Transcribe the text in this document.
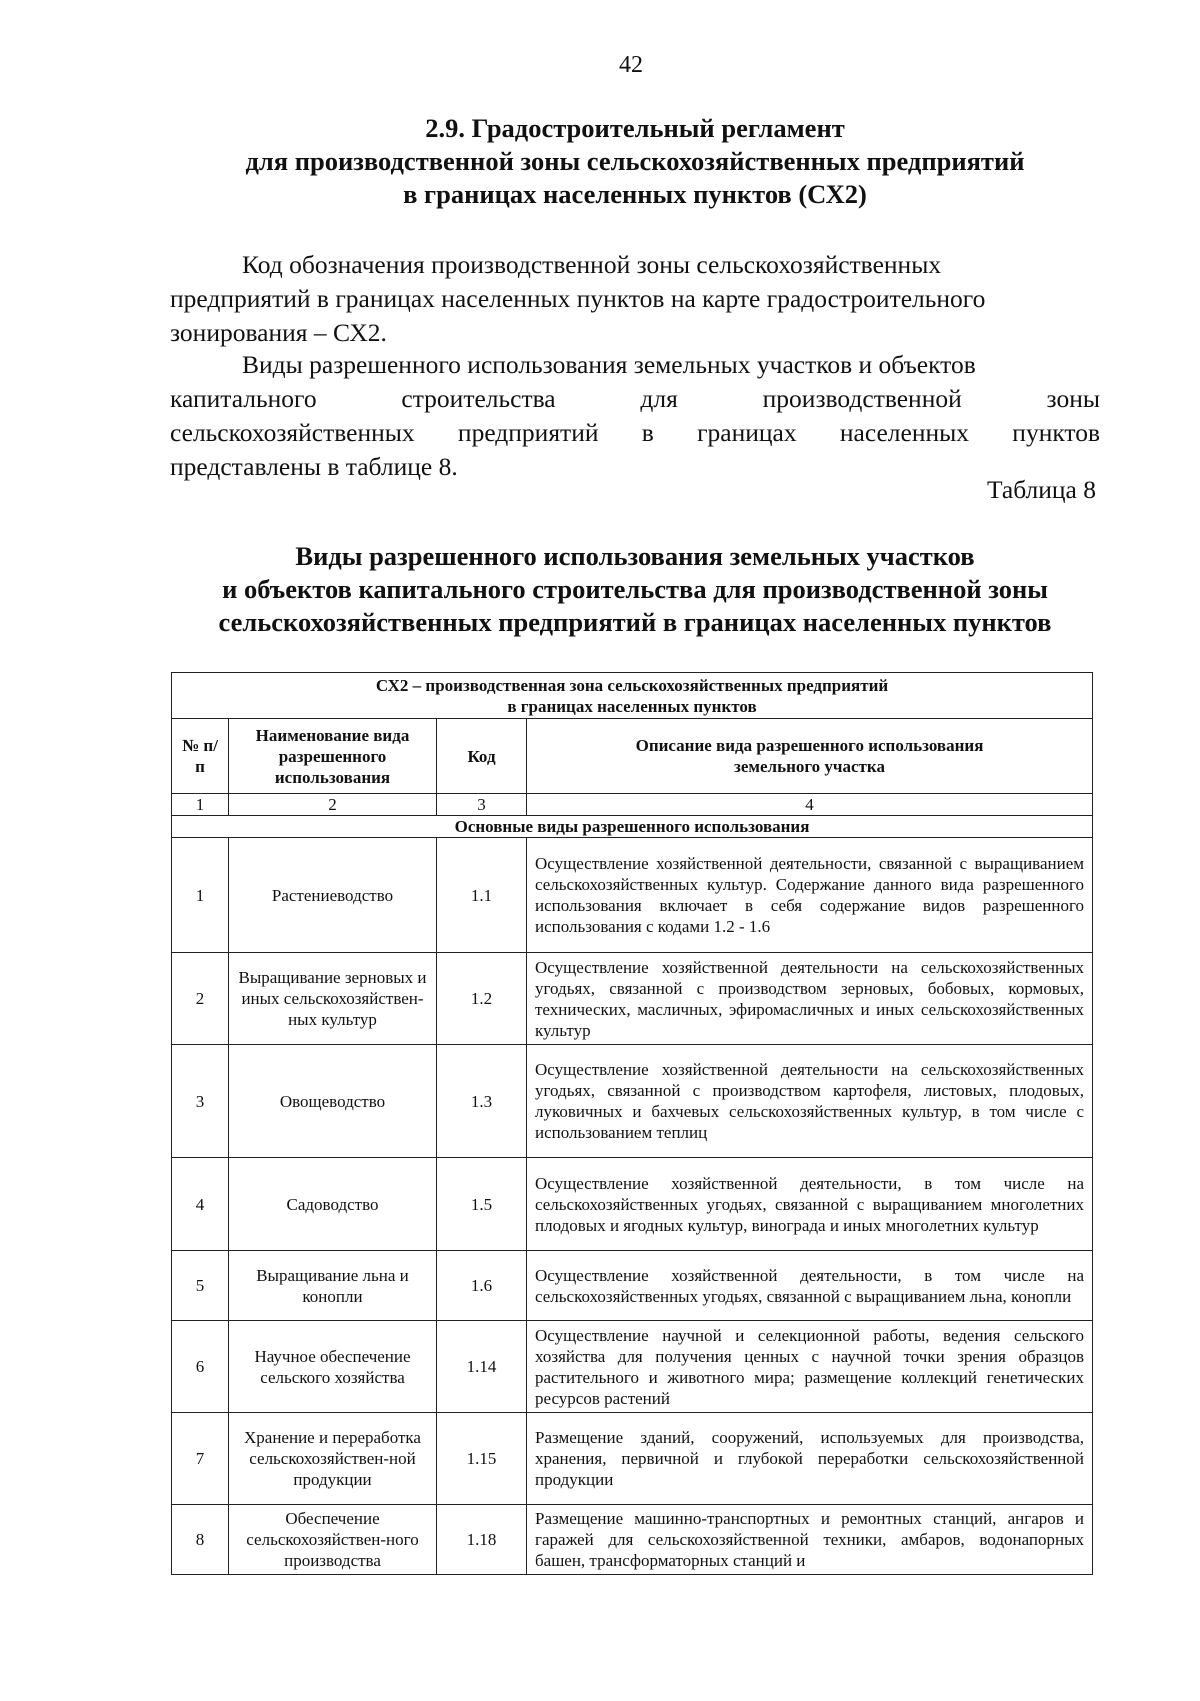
42
2.9. Градостроительный регламент
для производственной зоны сельскохозяйственных предприятий
в границах населенных пунктов (СХ2)
Код обозначения производственной зоны сельскохозяйственных
предприятий в границах населенных пунктов на карте градостроительного
зонирования – СХ2.
Виды разрешенного использования земельных участков и объектов
капитального строительства для производственной зоны
сельскохозяйственных предприятий в границах населенных пунктов
представлены в таблице 8.
Таблица 8
Виды разрешенного использования земельных участков
и объектов капитального строительства для производственной зоны
сельскохозяйственных предприятий в границах населенных пунктов
СХ2 – производственная зона сельскохозяйственных предприятий
в границах населенных пунктов			

№ п/п	Наименование вида разрешенного использования	Код	Описание вида разрешенного использования земельного участка
1	2	3	4
Основные виды разрешенного использования			
1	Растениеводство	1.1	Осуществление хозяйственной деятельности, связанной с выращиванием сельскохозяйственных культур. Содержание данного вида разрешенного использования включает в себя содержание видов разрешенного использования с кодами 1.2 - 1.6
2	Выращивание зерновых и иных сельскохозяйствен-ных культур	1.2	Осуществление хозяйственной деятельности на сельскохозяйственных угодьях, связанной с производством зерновых, бобовых, кормовых, технических, масличных, эфиромасличных и иных сельскохозяйственных культур
3	Овощеводство	1.3	Осуществление хозяйственной деятельности на сельскохозяйственных угодьях, связанной с производством картофеля, листовых, плодовых, луковичных и бахчевых сельскохозяйственных культур, в том числе с использованием теплиц
4	Садоводство	1.5	Осуществление хозяйственной деятельности, в том числе на сельскохозяйственных угодьях, связанной с выращиванием многолетних плодовых и ягодных культур, винограда и иных многолетних культур
5	Выращивание льна и конопли	1.6	Осуществление хозяйственной деятельности, в том числе на сельскохозяйственных угодьях, связанной с выращиванием льна, конопли
6	Научное обеспечение сельского хозяйства	1.14	Осуществление научной и селекционной работы, ведения сельского хозяйства для получения ценных с научной точки зрения образцов растительного и животного мира; размещение коллекций генетических ресурсов растений
7	Хранение и переработка сельскохозяйствен-ной продукции	1.15	Размещение зданий, сооружений, используемых для производства, хранения, первичной и глубокой переработки сельскохозяйственной продукции
8	Обеспечение сельскохозяйствен-ного производства	1.18	Размещение машинно-транспортных и ремонтных станций, ангаров и гаражей для сельскохозяйственной техники, амбаров, водонапорных башен, трансформаторных станций и
